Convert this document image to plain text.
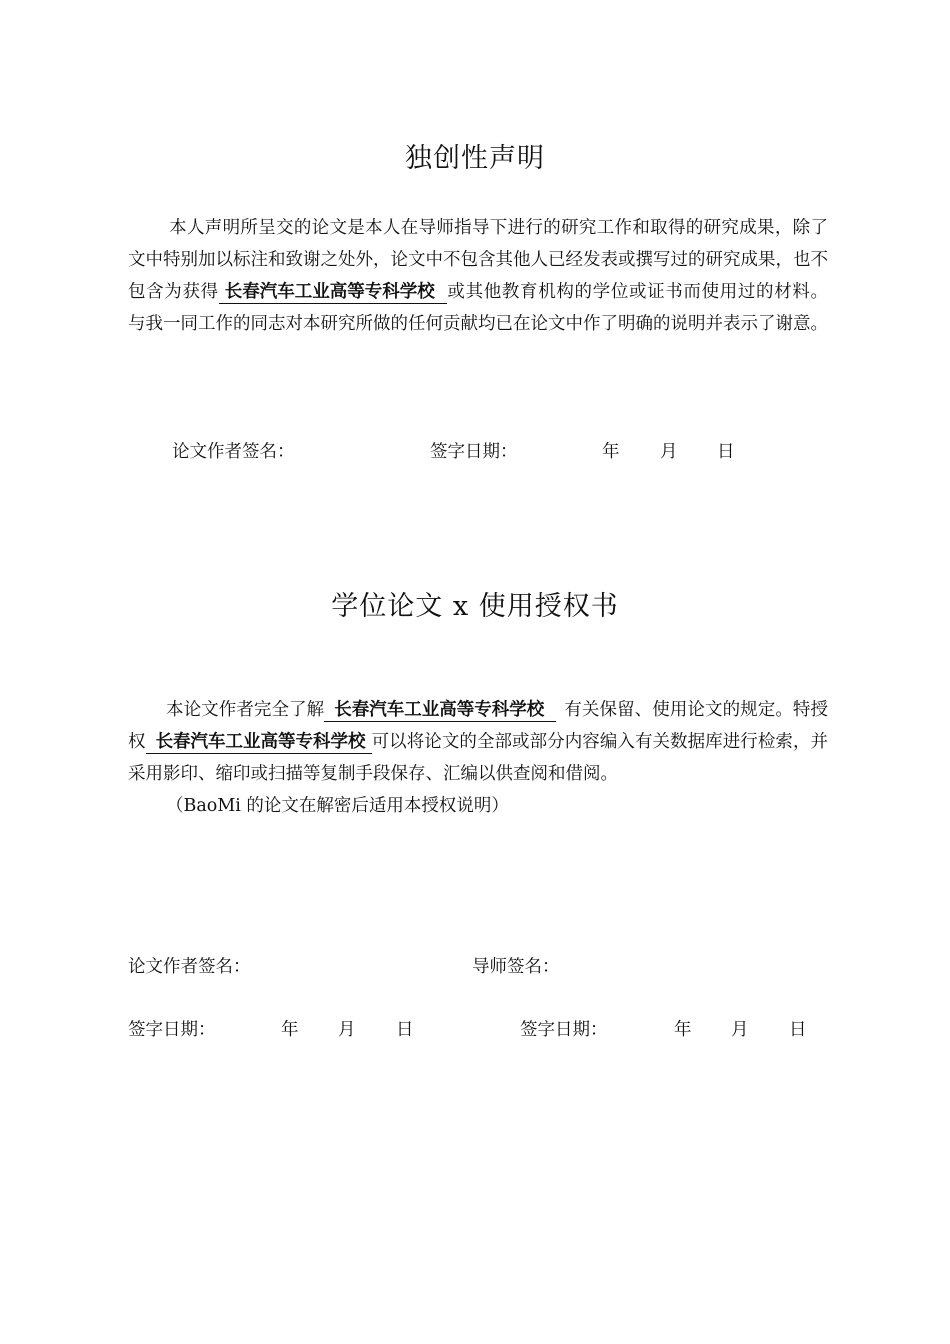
独创性声明

本人声明所呈交的论文是本人在导师指导下进行的研究工作和取得的研究成果，除了文中特别加以标注和致谢之处外，论文中不包含其他人已经发表或撰写过的研究成果，也不包含为获得 长春汽车工业高等专科学校 或其他教育机构的学位或证书而使用过的材料。与我一同工作的同志对本研究所做的任何贡献均已在论文中作了明确的说明并表示了谢意。

论文作者签名：	签字日期：	年 月 日
学位论文 x 使用授权书

本论文作者完全了解 长春汽车工业高等专科学校 有关保留、使用论文的规定。特授权 长春汽车工业高等专科学校 可以将论文的全部或部分内容编入有关数据库进行检索，并采用影印、缩印或扫描等复制手段保存、汇编以供查阅和借阅。

（BaoMi 的论文在解密后适用本授权说明）

论文作者签名：	导师签名：
签字日期：	年 月 日	签字日期：	年 月 日
